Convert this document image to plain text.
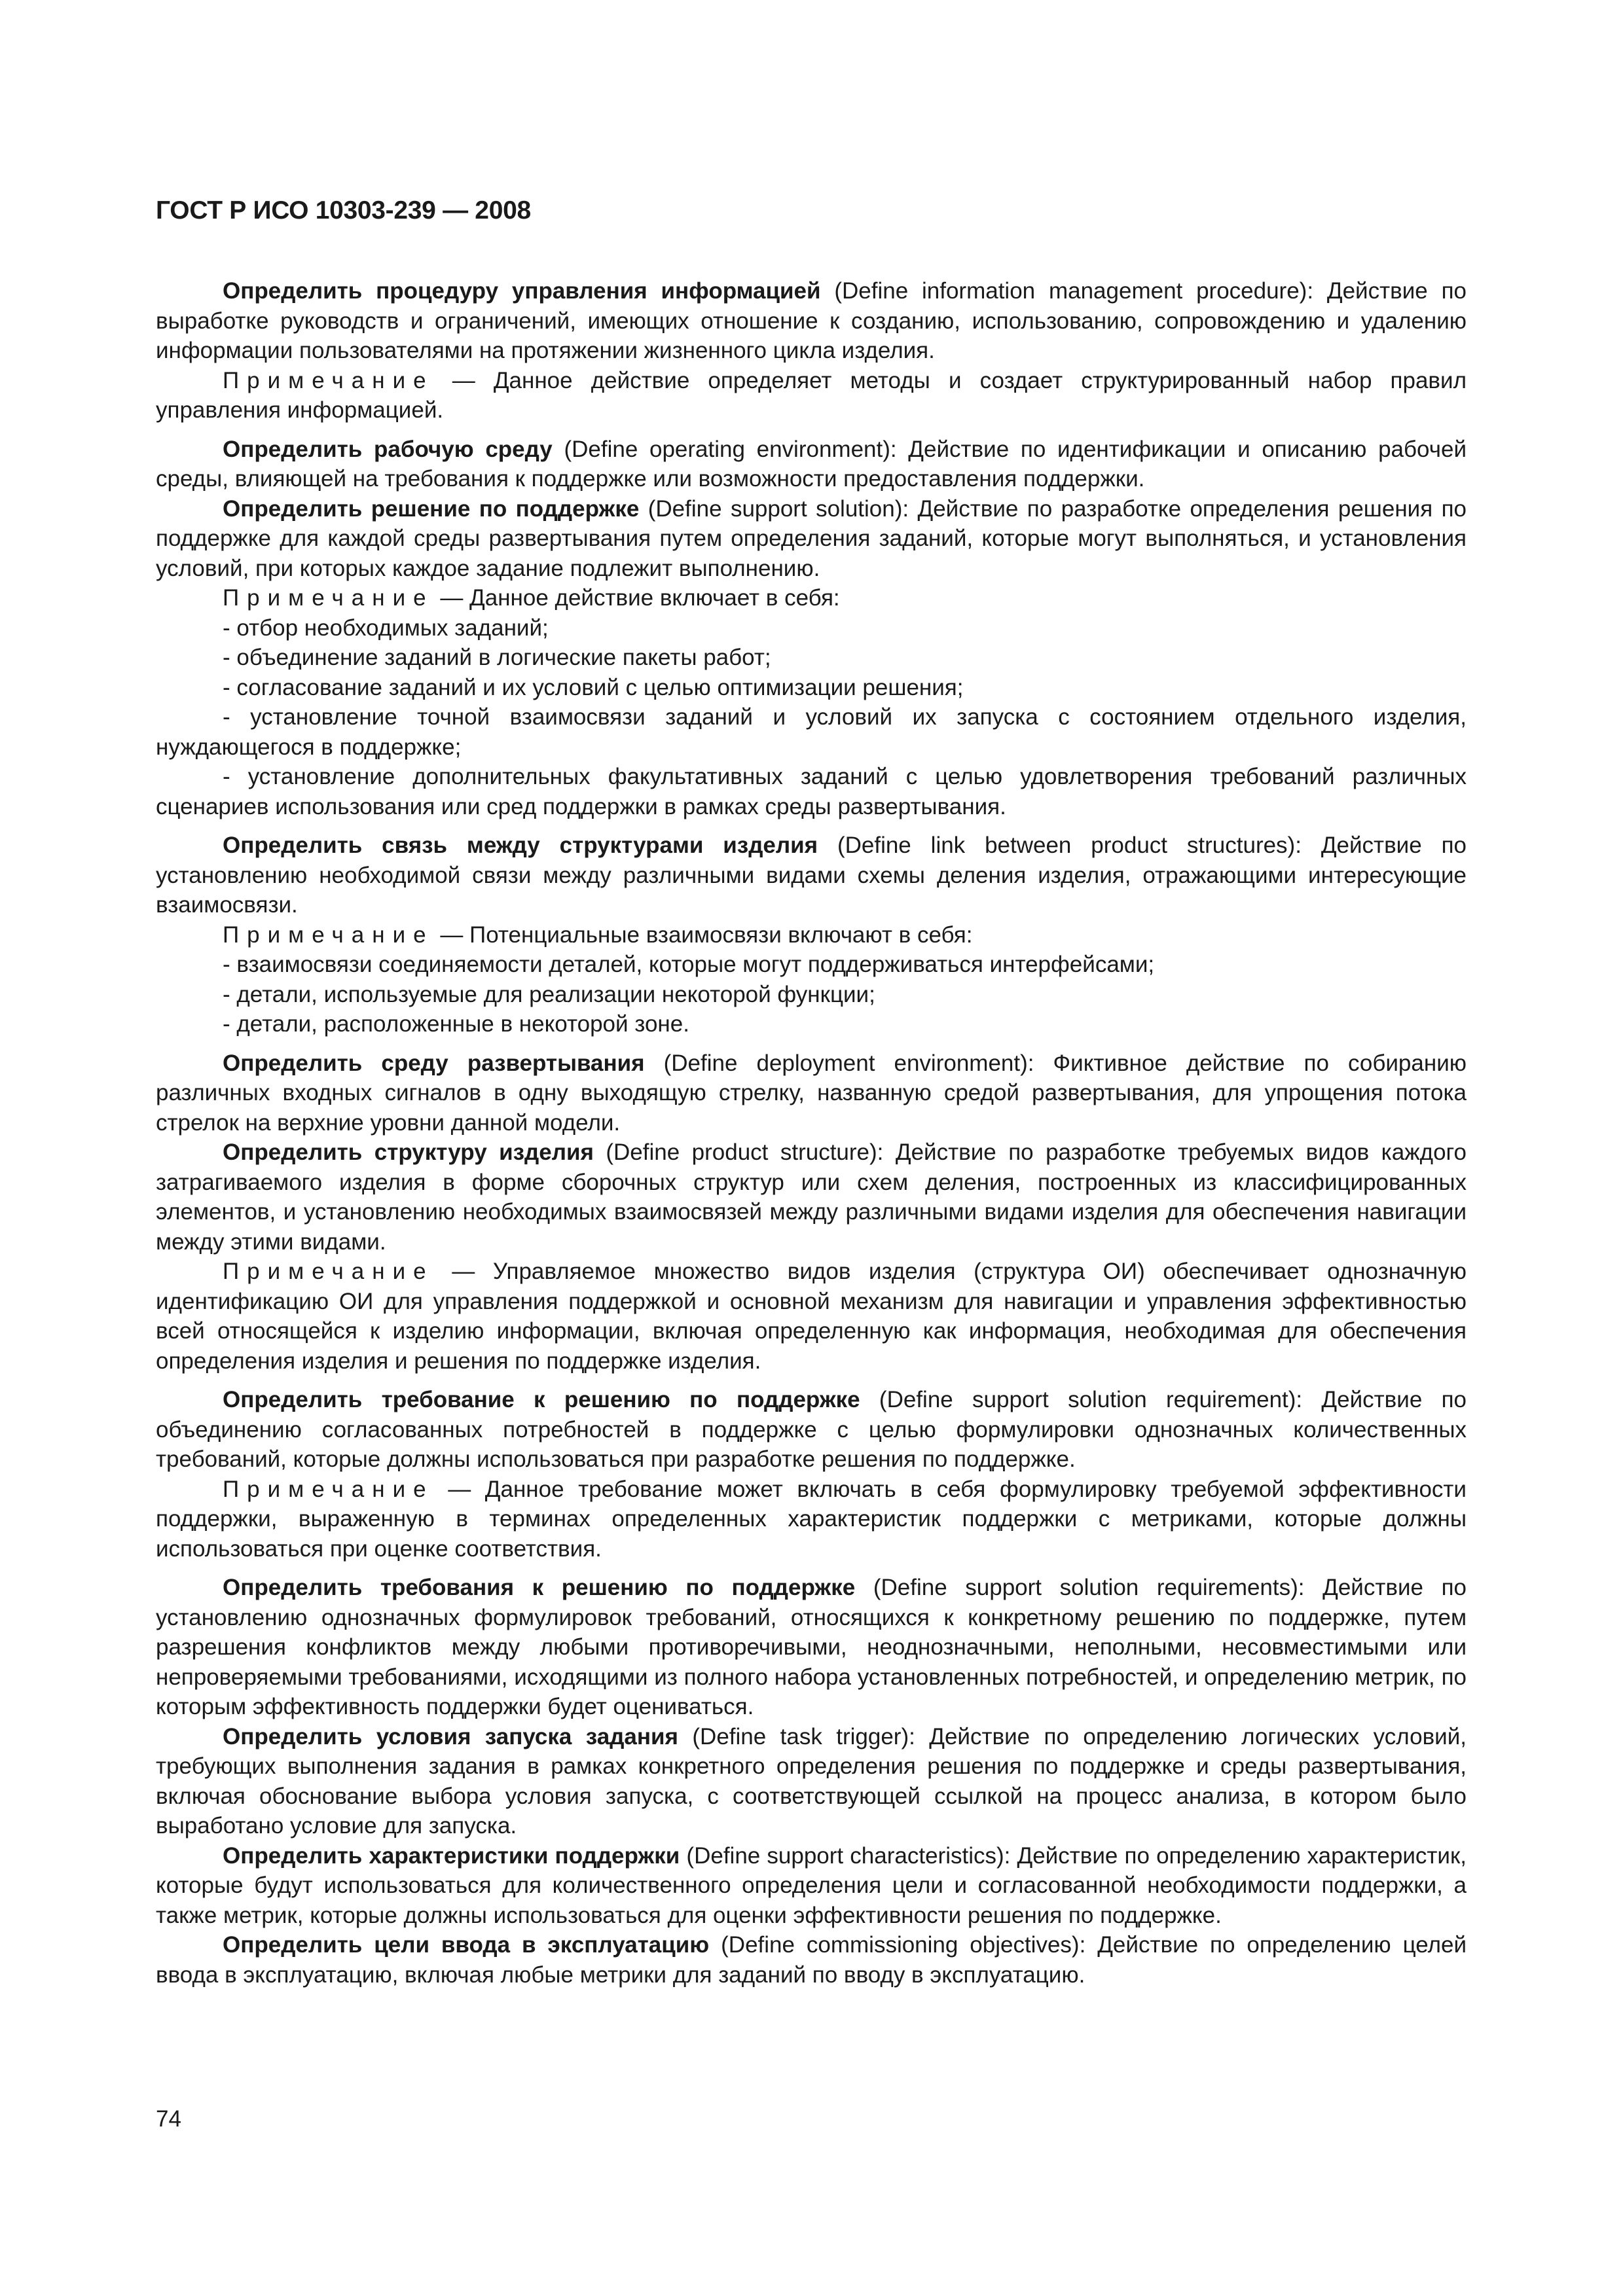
ГОСТ Р ИСО 10303-239 — 2008

Определить процедуру управления информацией (Define information management procedure): Действие по выработке руководств и ограничений, имеющих отношение к созданию, использованию, сопровождению и удалению информации пользователями на протяжении жизненного цикла изделия.

Примечание — Данное действие определяет методы и создает структурированный набор правил управления информацией.

Определить рабочую среду (Define operating environment): Действие по идентификации и описанию рабочей среды, влияющей на требования к поддержке или возможности предоставления поддержки.

Определить решение по поддержке (Define support solution): Действие по разработке определения решения по поддержке для каждой среды развертывания путем определения заданий, которые могут выполняться, и установления условий, при которых каждое задание подлежит выполнению.

Примечание — Данное действие включает в себя:

- отбор необходимых заданий;

- объединение заданий в логические пакеты работ;

- согласование заданий и их условий с целью оптимизации решения;

- установление точной взаимосвязи заданий и условий их запуска с состоянием отдельного изделия, нуждающегося в поддержке;

- установление дополнительных факультативных заданий с целью удовлетворения требований различных сценариев использования или сред поддержки в рамках среды развертывания.

Определить связь между структурами изделия (Define link between product structures): Действие по установлению необходимой связи между различными видами схемы деления изделия, отражающими интересующие взаимосвязи.

Примечание — Потенциальные взаимосвязи включают в себя:

- взаимосвязи соединяемости деталей, которые могут поддерживаться интерфейсами;

- детали, используемые для реализации некоторой функции;

- детали, расположенные в некоторой зоне.

Определить среду развертывания (Define deployment environment): Фиктивное действие по собиранию различных входных сигналов в одну выходящую стрелку, названную средой развертывания, для упрощения потока стрелок на верхние уровни данной модели.

Определить структуру изделия (Define product structure): Действие по разработке требуемых видов каждого затрагиваемого изделия в форме сборочных структур или схем деления, построенных из классифицированных элементов, и установлению необходимых взаимосвязей между различными видами изделия для обеспечения навигации между этими видами.

Примечание — Управляемое множество видов изделия (структура ОИ) обеспечивает однозначную идентификацию ОИ для управления поддержкой и основной механизм для навигации и управления эффективностью всей относящейся к изделию информации, включая определенную как информация, необходимая для обеспечения определения изделия и решения по поддержке изделия.

Определить требование к решению по поддержке (Define support solution requirement): Действие по объединению согласованных потребностей в поддержке с целью формулировки однозначных количественных требований, которые должны использоваться при разработке решения по поддержке.

Примечание — Данное требование может включать в себя формулировку требуемой эффективности поддержки, выраженную в терминах определенных характеристик поддержки с метриками, которые должны использоваться при оценке соответствия.

Определить требования к решению по поддержке (Define support solution requirements): Действие по установлению однозначных формулировок требований, относящихся к конкретному решению по поддержке, путем разрешения конфликтов между любыми противоречивыми, неоднозначными, неполными, несовместимыми или непроверяемыми требованиями, исходящими из полного набора установленных потребностей, и определению метрик, по которым эффективность поддержки будет оцениваться.

Определить условия запуска задания (Define task trigger): Действие по определению логических условий, требующих выполнения задания в рамках конкретного определения решения по поддержке и среды развертывания, включая обоснование выбора условия запуска, с соответствующей ссылкой на процесс анализа, в котором было выработано условие для запуска.

Определить характеристики поддержки (Define support characteristics): Действие по определению характеристик, которые будут использоваться для количественного определения цели и согласованной необходимости поддержки, а также метрик, которые должны использоваться для оценки эффективности решения по поддержке.

Определить цели ввода в эксплуатацию (Define commissioning objectives): Действие по определению целей ввода в эксплуатацию, включая любые метрики для заданий по вводу в эксплуатацию.

74
